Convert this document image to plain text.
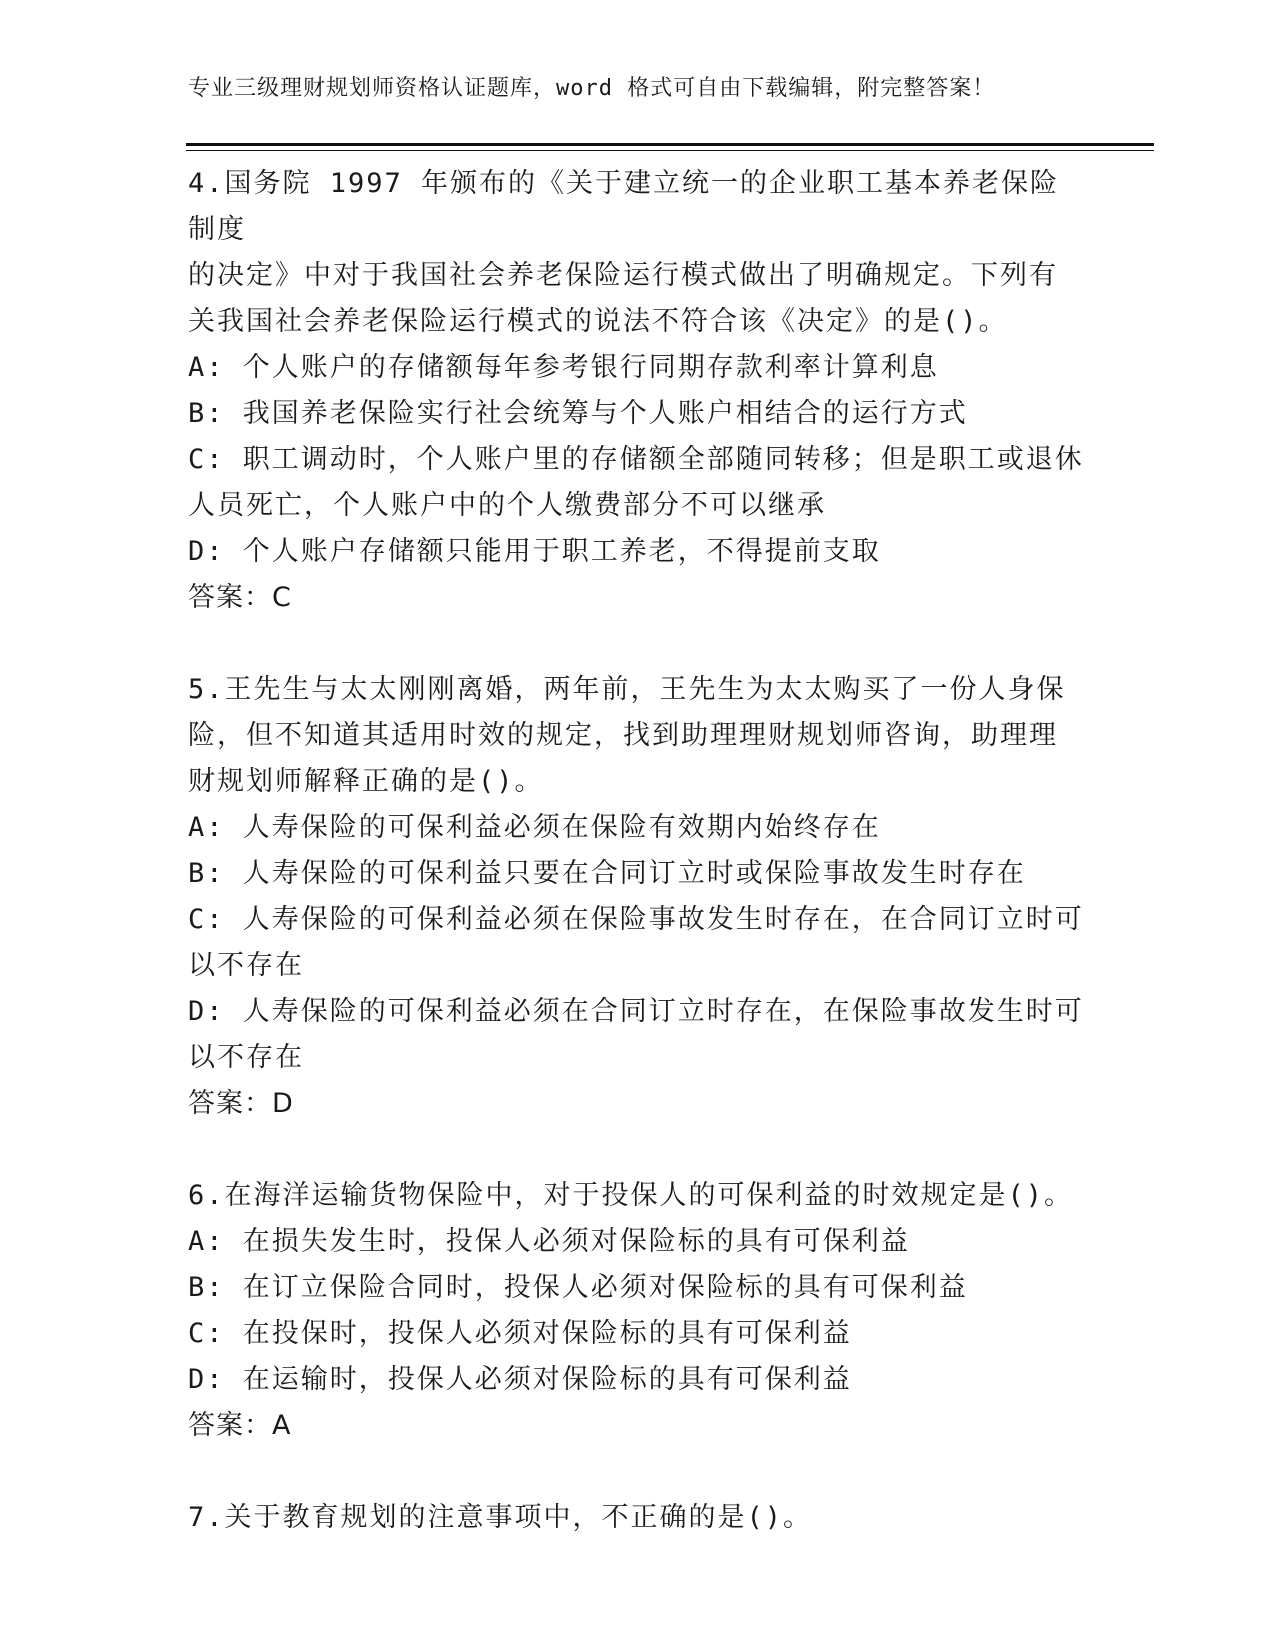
专业三级理财规划师资格认证题库，word 格式可自由下载编辑，附完整答案！
4.国务院 1997 年颁布的《关于建立统一的企业职工基本养老保险制度
的决定》中对于我国社会养老保险运行模式做出了明确规定。下列有
关我国社会养老保险运行模式的说法不符合该《决定》的是()。
A: 个人账户的存储额每年参考银行同期存款利率计算利息
B: 我国养老保险实行社会统筹与个人账户相结合的运行方式
C: 职工调动时，个人账户里的存储额全部随同转移；但是职工或退休
人员死亡，个人账户中的个人缴费部分不可以继承
D: 个人账户存储额只能用于职工养老，不得提前支取
答案：C
5.王先生与太太刚刚离婚，两年前，王先生为太太购买了一份人身保
险，但不知道其适用时效的规定，找到助理理财规划师咨询，助理理
财规划师解释正确的是()。
A: 人寿保险的可保利益必须在保险有效期内始终存在
B: 人寿保险的可保利益只要在合同订立时或保险事故发生时存在
C: 人寿保险的可保利益必须在保险事故发生时存在，在合同订立时可
以不存在
D: 人寿保险的可保利益必须在合同订立时存在，在保险事故发生时可
以不存在
答案：D
6.在海洋运输货物保险中，对于投保人的可保利益的时效规定是()。
A: 在损失发生时，投保人必须对保险标的具有可保利益
B: 在订立保险合同时，投保人必须对保险标的具有可保利益
C: 在投保时，投保人必须对保险标的具有可保利益
D: 在运输时，投保人必须对保险标的具有可保利益
答案：A
7.关于教育规划的注意事项中，不正确的是()。
